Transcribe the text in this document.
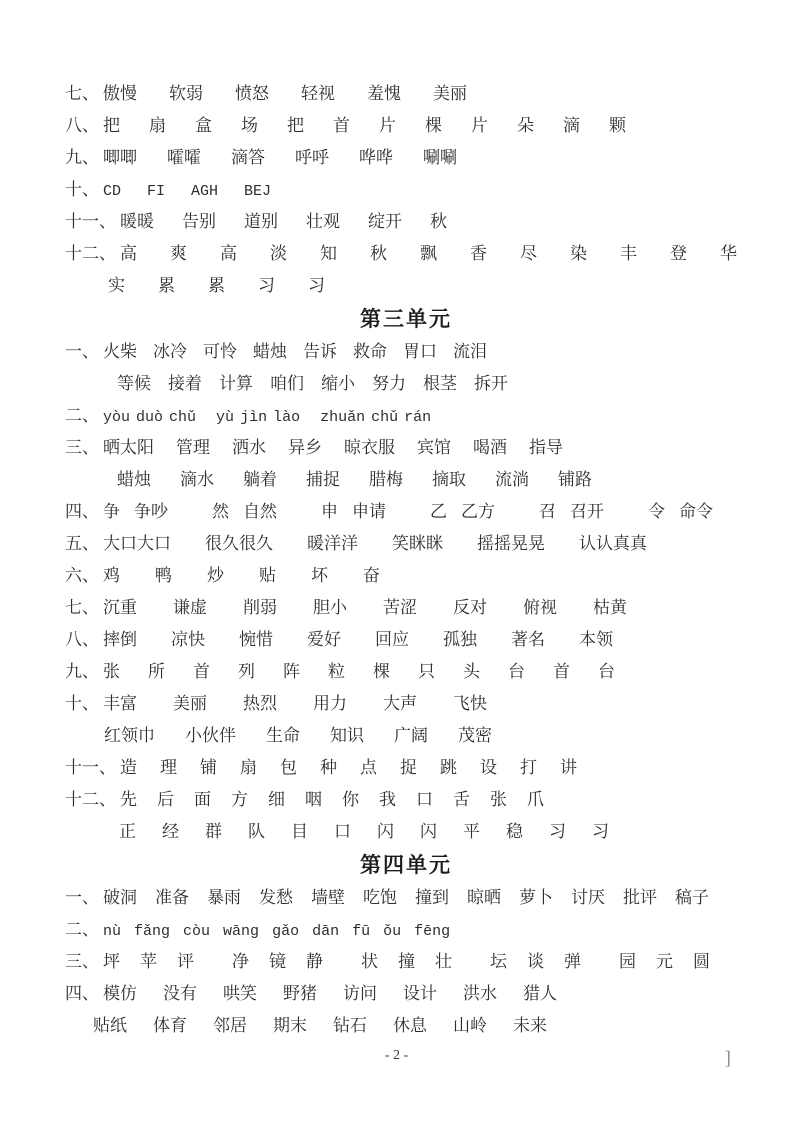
七、 傲慢 软弱 愤怒 轻视 羞愧 美丽
八、 把 扇 盒 场 把 首 片 棵 片 朵 滴 颗
九、 唧唧 嚯嚯 滴答 呼呼 哗哗 唰唰
十、 CD FI AGH BEJ
十一、 暖暖 告别 道别 壮观 绽开 秋
十二、 高 爽 高 淡 知 秋 飘 香 尽 染 丰 登 华
实 累 累 习 习
第三单元
一、 火柴 冰冷 可怜 蜡烛 告诉 救命 胃口 流泪
等候 接着 计算 咱们 缩小 努力 根茎 拆开
二、 yòu duò chǔ yù jìn lào zhuǎn chǔ rán
三、 晒太阳 管理 洒水 异乡 晾衣服 宾馆 喝酒 指导
蜡烛 滴水 躺着 捕捉 腊梅 摘取 流淌 铺路
四、 争 争吵	然 自然	申 申请	乙 乙方	召 召开	令 命令
五、 大口大口 很久很久 暖洋洋 笑眯眯 摇摇晃晃 认认真真
六、 鸡 鸭 炒 贴 坏 奋
七、 沉重 谦虚 削弱 胆小 苦涩 反对 俯视 枯黄
八、 摔倒 凉快 惋惜 爱好 回应 孤独 著名 本领
九、 张 所 首 列 阵 粒 棵 只 头 台 首 台
十、 丰富 美丽 热烈 用力 大声 飞快
红领巾 小伙伴 生命 知识 广阔 茂密
十一、 造 理 铺 扇 包 种 点 捉 跳 设 打 讲
十二、 先 后 面 方 细 咽 你 我 口 舌 张 爪
正 经 群 队 目 口 闪 闪 平 稳 习 习
第四单元
一、 破洞 准备 暴雨 发愁 墙壁 吃饱 撞到 晾晒 萝卜 讨厌 批评 稿子
二、 nù fǎng còu wāng gǎo dān fū ǒu fēng
三、 坪 苹 评 净 镜 静 状 撞 壮 坛 谈 弹 园 元 圆
四、 模仿 没有 哄笑 野猪 访问 设计 洪水 猎人
贴纸 体育 邻居 期末 钻石 休息 山岭 未来
- 2 -	]
